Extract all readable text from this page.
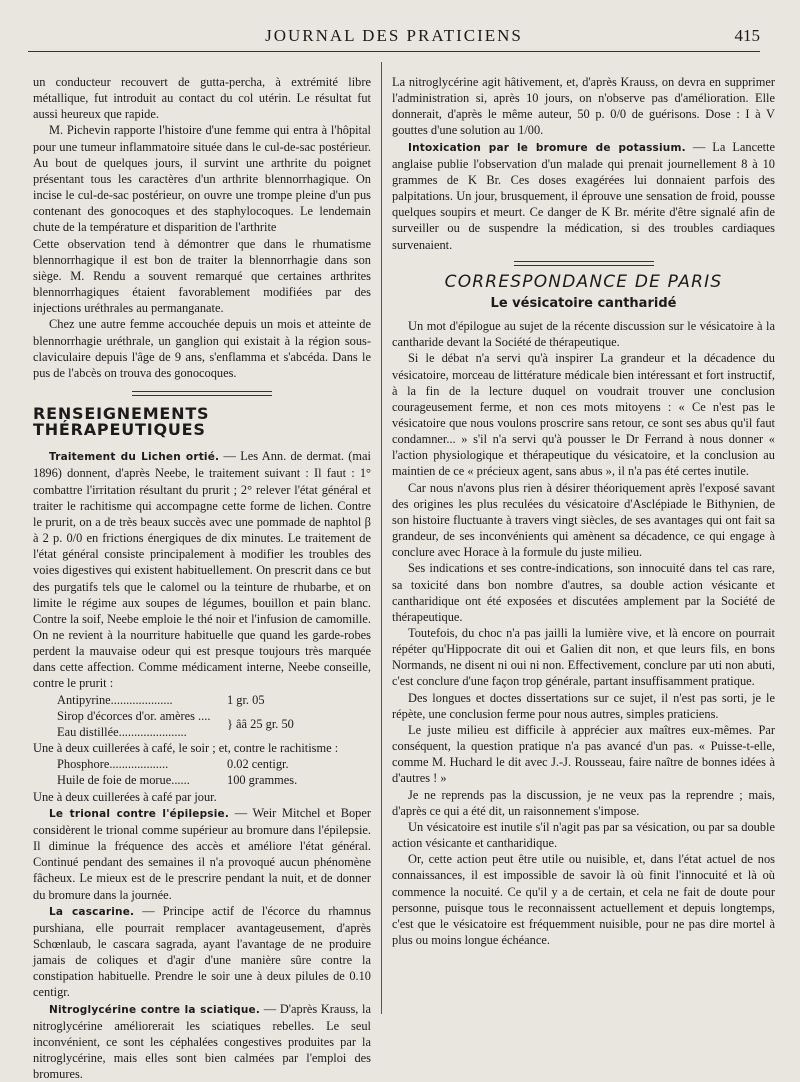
JOURNAL DES PRATICIENS	415

un conducteur recouvert de gutta-percha, à extrémité libre métallique, fut introduit au contact du col utérin. Le résultat fut aussi heureux que rapide.

M. Pichevin rapporte l'histoire d'une femme qui entra à l'hôpital pour une tumeur inflammatoire située dans le cul-de-sac postérieur. Au bout de quelques jours, il survint une arthrite du poignet présentant tous les caractères d'un arthrite blennorrhagique. On incise le cul-de-sac postérieur, on ouvre une trompe pleine d'un pus contenant des gonocoques et des staphylocoques. Le lendemain chute de la température et disparition de l'arthrite

Cette observation tend à démontrer que dans le rhumatisme blennorrhagique il est bon de traiter la blennorrhagie dans son siège. M. Rendu a souvent remarqué que certaines arthrites blennorrhagiques étaient favorablement modifiées par des injections uréthrales au permanganate.

Chez une autre femme accouchée depuis un mois et atteinte de blennorrhagie uréthrale, un ganglion qui existait à la région sous-claviculaire depuis l'âge de 9 ans, s'enflamma et s'abcéda. Dans le pus de l'abcès on trouva des gonocoques.

RENSEIGNEMENTS THÉRAPEUTIQUES

Traitement du Lichen ortié. — Les Ann. de dermat. (mai 1896) donnent, d'après Neebe, le traitement suivant : Il faut : 1° combattre l'irritation résultant du prurit ; 2° relever l'état général et traiter le rachitisme qui accompagne cette forme de lichen. Contre le prurit, on a de très beaux succès avec une pommade de naphtol β à 2 p. 0/0 en frictions énergiques de dix minutes. Le traitement de l'état général consiste principalement à modifier les troubles des voies digestives qui existent habituellement. On prescrit dans ce but des purgatifs tels que le calomel ou la teinture de rhubarbe, et on limite le régime aux soupes de légumes, bouillon et pain blanc. Contre la soif, Neebe emploie le thé noir et l'infusion de camomille. On ne revient à la nourriture habituelle que quand les garde-robes perdent la mauvaise odeur qui est presque toujours très marquée dans cette affection. Comme médicament interne, Neebe conseille, contre le prurit :

Antipyrine....................	1 gr. 05
Sirop d'écorces d'or. amères ....
Eau distillée......................
} ââ 25 gr. 50

Une à deux cuillerées à café, le soir ; et, contre le rachitisme :

Phosphore...................	0.02 centigr.
Huile de foie de morue......	100 grammes.

Une à deux cuillerées à café par jour.

Le trional contre l'épilepsie. — Weir Mitchel et Boper considèrent le trional comme supérieur au bromure dans l'épilepsie. Il diminue la fréquence des accès et améliore l'état général. Continué pendant des semaines il n'a provoqué aucun phénomène fâcheux. Le mieux est de le prescrire pendant la nuit, et de donner du bromure dans la journée.

La cascarine. — Principe actif de l'écorce du rhamnus purshiana, elle pourrait remplacer avantageusement, d'après Schœnlaub, le cascara sagrada, ayant l'avantage de ne produire jamais de coliques et d'agir d'une manière sûre contre la constipation habituelle. Prendre le soir une à deux pilules de 0.10 centigr.

Nitroglycérine contre la sciatique. — D'après Krauss, la nitroglycérine améliorerait les sciatiques rebelles. Le seul inconvénient, ce sont les céphalées congestives produites par la nitroglycérine, mais elles sont bien calmées par l'emploi des bromures.

La nitroglycérine agit hâtivement, et, d'après Krauss, on devra en supprimer l'administration si, après 10 jours, on n'observe pas d'amélioration. Elle donnerait, d'après le même auteur, 50 p. 0/0 de guérisons. Dose : I à V gouttes d'une solution au 1/00.

Intoxication par le bromure de potassium. — La Lancette anglaise publie l'observation d'un malade qui prenait journellement 8 à 10 grammes de K Br. Ces doses exagérées lui donnaient parfois des palpitations. Un jour, brusquement, il éprouve une sensation de froid, pousse quelques soupirs et meurt. Ce danger de K Br. mérite d'être signalé afin de surveiller ou de suspendre la médication, si des troubles cardiaques survenaient.

CORRESPONDANCE DE PARIS
Le vésicatoire cantharidé

Un mot d'épilogue au sujet de la récente discussion sur le vésicatoire à la cantharide devant la Société de thérapeutique.

Si le débat n'a servi qu'à inspirer La grandeur et la décadence du vésicatoire, morceau de littérature médicale bien intéressant et fort instructif, à la fin de la lecture duquel on voudrait trouver une conclusion courageusement ferme, et non ces mots mitoyens : « Ce n'est pas le vésicatoire que nous voulons proscrire sans retour, ce sont ses abus qu'il faut condamner... » s'il n'a servi qu'à pousser le Dr Ferrand à nous donner « l'action physiologique et thérapeutique du vésicatoire, et la conclusion au maintien de ce « précieux agent, sans abus », il n'a pas été certes inutile.

Car nous n'avons plus rien à désirer théoriquement après l'exposé savant des origines les plus reculées du vésicatoire d'Asclépiade le Bithynien, de son histoire fluctuante à travers vingt siècles, de ses avantages qui ont fait sa grandeur, de ses inconvénients qui amènent sa décadence, ce qui engage à conclure avec Horace à la formule du juste milieu.

Ses indications et ses contre-indications, son innocuité dans tel cas rare, sa toxicité dans bon nombre d'autres, sa double action vésicante et cantharidique ont été exposées et discutées amplement par la Société de thérapeutique.

Toutefois, du choc n'a pas jailli la lumière vive, et là encore on pourrait répéter qu'Hippocrate dit oui et Galien dit non, et que leurs fils, en bons Normands, ne disent ni oui ni non. Effectivement, conclure par uti non abuti, c'est conclure d'une façon trop générale, partant insuffisamment pratique.

Des longues et doctes dissertations sur ce sujet, il n'est pas sorti, je le répète, une conclusion ferme pour nous autres, simples praticiens.

Le juste milieu est difficile à apprécier aux maîtres eux-mêmes. Par conséquent, la question pratique n'a pas avancé d'un pas. « Puisse-t-elle, comme M. Huchard le dit avec J.-J. Rousseau, faire naître de bonnes idées à d'autres ! »

Je ne reprends pas la discussion, je ne veux pas la reprendre ; mais, d'après ce qui a été dit, un raisonnement s'impose.

Un vésicatoire est inutile s'il n'agit pas par sa vésication, ou par sa double action vésicante et cantharidique.

Or, cette action peut être utile ou nuisible, et, dans l'état actuel de nos connaissances, il est impossible de savoir là où finit l'innocuité et là où commence la nocuité. Ce qu'il y a de certain, et cela ne fait de doute pour personne, puisque tous le reconnaissent actuellement et depuis longtemps, c'est que le vésicatoire est fréquemment nuisible, pour ne pas dire mortel à plus ou moins longue échéance.
